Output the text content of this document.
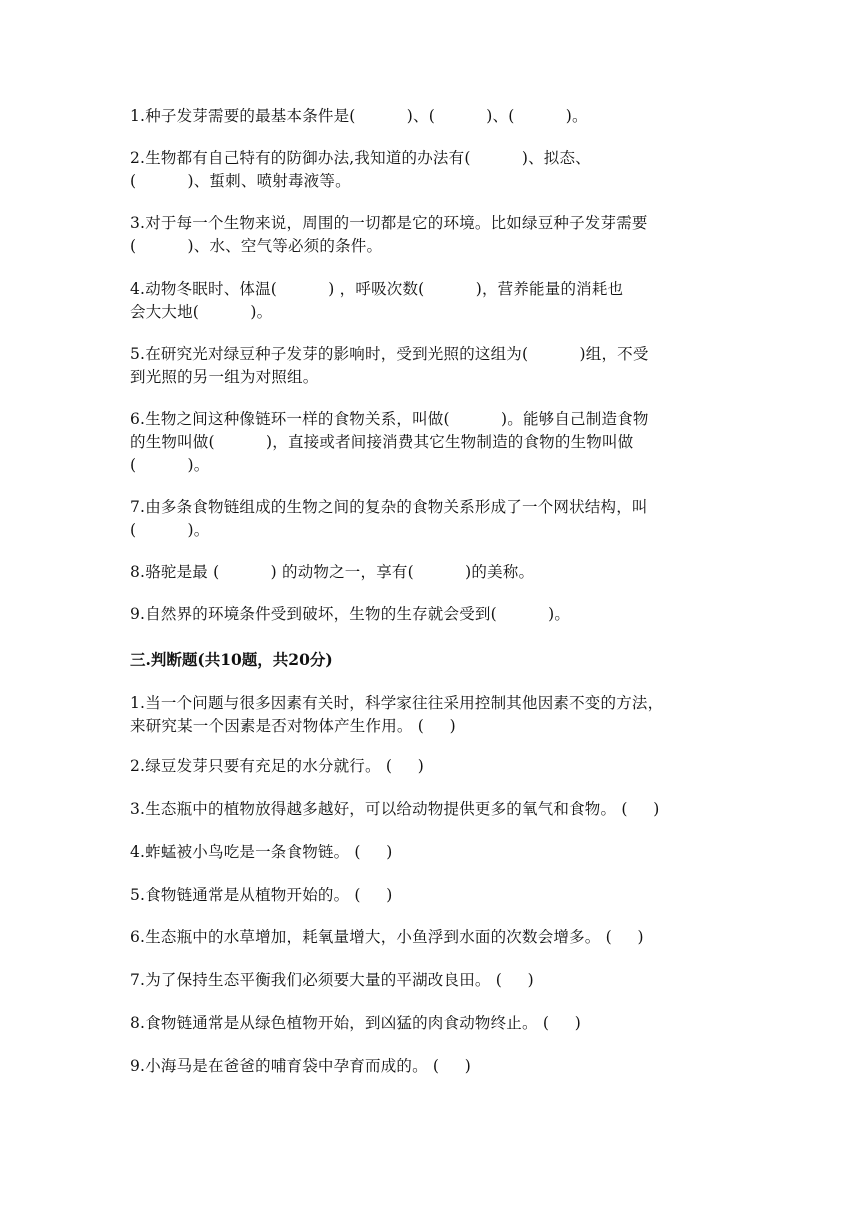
1.种子发芽需要的最基本条件是(          )、(          )、(          )。
2.生物都有自己特有的防御办法,我知道的办法有(          )、拟态、
(          )、蜇刺、喷射毒液等。
3.对于每一个生物来说，周围的一切都是它的环境。比如绿豆种子发芽需要
(          )、水、空气等必须的条件。
4.动物冬眠时、体温(          ) ，呼吸次数(          )，营养能量的消耗也
会大大地(          )。
5.在研究光对绿豆种子发芽的影响时，受到光照的这组为(          )组，不受
到光照的另一组为对照组。
6.生物之间这种像链环一样的食物关系，叫做(          )。能够自己制造食物
的生物叫做(          )，直接或者间接消费其它生物制造的食物的生物叫做
(          )。
7.由多条食物链组成的生物之间的复杂的食物关系形成了一个网状结构，叫
(          )。
8.骆驼是最 (          ) 的动物之一，享有(          )的美称。
9.自然界的环境条件受到破坏，生物的生存就会受到(          )。
三.判断题(共10题，共20分)
1.当一个问题与很多因素有关时，科学家往往采用控制其他因素不变的方法，
来研究某一个因素是否对物体产生作用。 (     )
2.绿豆发芽只要有充足的水分就行。 (     )
3.生态瓶中的植物放得越多越好，可以给动物提供更多的氧气和食物。 (     )
4.蚱蜢被小鸟吃是一条食物链。 (     )
5.食物链通常是从植物开始的。 (     )
6.生态瓶中的水草增加，耗氧量增大，小鱼浮到水面的次数会增多。 (     )
7.为了保持生态平衡我们必须要大量的平湖改良田。 (     )
8.食物链通常是从绿色植物开始，到凶猛的肉食动物终止。 (     )
9.小海马是在爸爸的哺育袋中孕育而成的。 (     )
